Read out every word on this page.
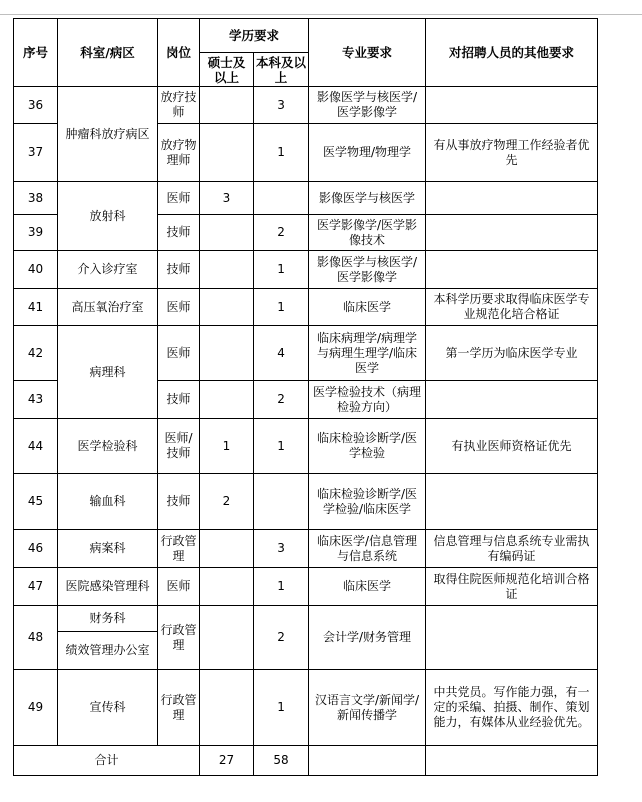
序号	科室/病区	岗位	学历要求		专业要求	对招聘人员的其他要求
			硕士及以上	本科及以上		
36	肿瘤科放疗病区	放疗技师		3	影像医学与核医学/医学影像学	
37		放疗物理师		1	医学物理/物理学	有从事放疗物理工作经验者优先
38	放射科	医师	3		影像医学与核医学	
39		技师		2	医学影像学/医学影像技术	
40	介入诊疗室	技师		1	影像医学与核医学/医学影像学	
41	高压氧治疗室	医师		1	临床医学	本科学历要求取得临床医学专业规范化培合格证
42	病理科	医师		4	临床病理学/病理学与病理生理学/临床医学	第一学历为临床医学专业
43		技师		2	医学检验技术（病理检验方向）	
44	医学检验科	医师/技师	1	1	临床检验诊断学/医学检验	有执业医师资格证优先
45	输血科	技师	2		临床检验诊断学/医学检验/临床医学	
46	病案科	行政管理		3	临床医学/信息管理与信息系统	信息管理与信息系统专业需执有编码证
47	医院感染管理科	医师		1	临床医学	取得住院医师规范化培训合格证
48	财务科	行政管理		2	会计学/财务管理	
	绩效管理办公室					
49	宣传科	行政管理		1	汉语言文学/新闻学/新闻传播学	中共党员。写作能力强，有一定的采编、拍摄、制作、策划能力，有媒体从业经验优先。
合计			27	58		
